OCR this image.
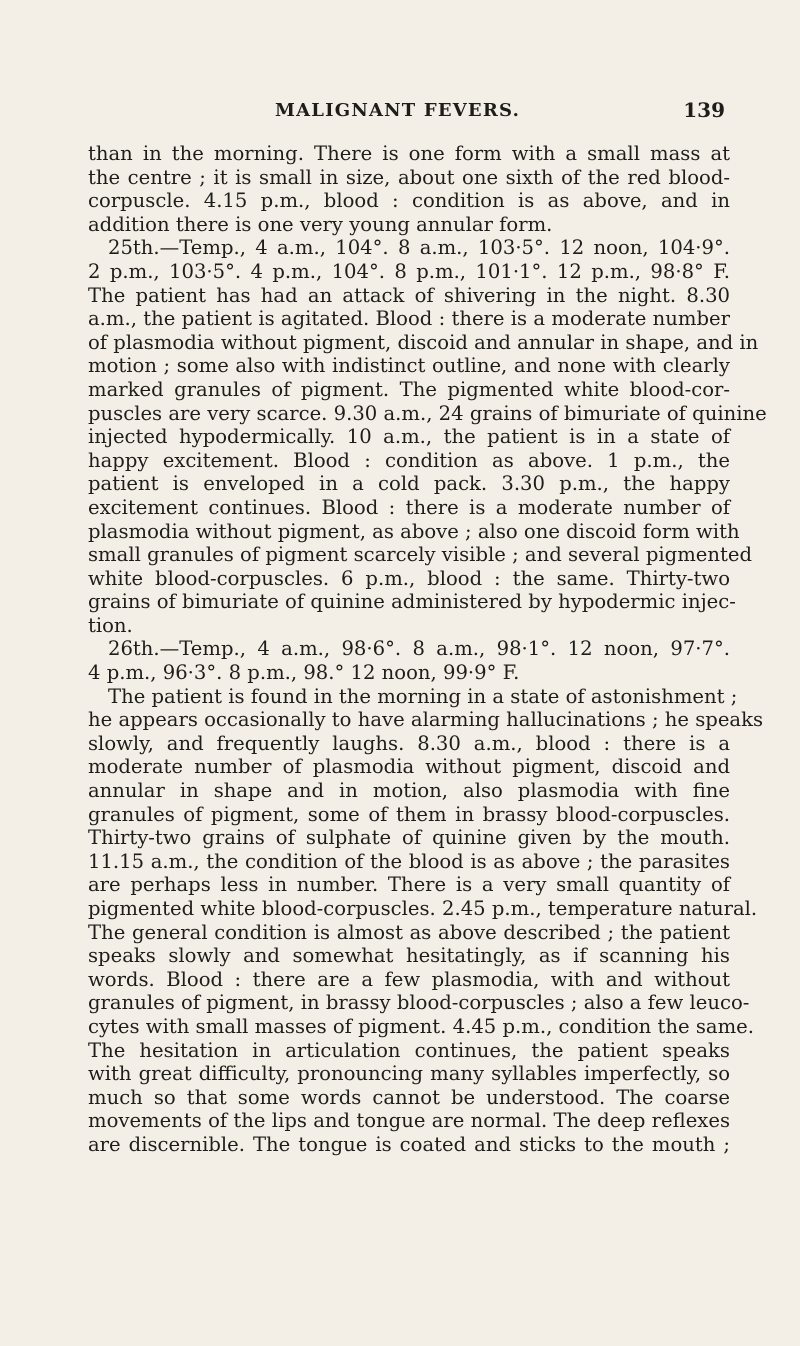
MALIGNANT FEVERS.	139
than in the morning. There is one form with a small mass at
the centre ; it is small in size, about one sixth of the red blood-
corpuscle. 4.15 p.m., blood : condition is as above, and in
addition there is one very young annular form.
25th.—Temp., 4 a.m., 104°. 8 a.m., 103·5°. 12 noon, 104·9°.
2 p.m., 103·5°. 4 p.m., 104°. 8 p.m., 101·1°. 12 p.m., 98·8° F.
The patient has had an attack of shivering in the night. 8.30
a.m., the patient is agitated. Blood : there is a moderate number
of plasmodia without pigment, discoid and annular in shape, and in
motion ; some also with indistinct outline, and none with clearly
marked granules of pigment. The pigmented white blood-cor-
puscles are very scarce. 9.30 a.m., 24 grains of bimuriate of quinine
injected hypodermically. 10 a.m., the patient is in a state of
happy excitement. Blood : condition as above. 1 p.m., the
patient is enveloped in a cold pack. 3.30 p.m., the happy
excitement continues. Blood : there is a moderate number of
plasmodia without pigment, as above ; also one discoid form with
small granules of pigment scarcely visible ; and several pigmented
white blood-corpuscles. 6 p.m., blood : the same. Thirty-two
grains of bimuriate of quinine administered by hypodermic injec-
tion.
26th.—Temp., 4 a.m., 98·6°. 8 a.m., 98·1°. 12 noon, 97·7°.
4 p.m., 96·3°. 8 p.m., 98.° 12 noon, 99·9° F.
The patient is found in the morning in a state of astonishment ;
he appears occasionally to have alarming hallucinations ; he speaks
slowly, and frequently laughs. 8.30 a.m., blood : there is a
moderate number of plasmodia without pigment, discoid and
annular in shape and in motion, also plasmodia with fine
granules of pigment, some of them in brassy blood-corpuscles.
Thirty-two grains of sulphate of quinine given by the mouth.
11.15 a.m., the condition of the blood is as above ; the parasites
are perhaps less in number. There is a very small quantity of
pigmented white blood-corpuscles. 2.45 p.m., temperature natural.
The general condition is almost as above described ; the patient
speaks slowly and somewhat hesitatingly, as if scanning his
words. Blood : there are a few plasmodia, with and without
granules of pigment, in brassy blood-corpuscles ; also a few leuco-
cytes with small masses of pigment. 4.45 p.m., condition the same.
The hesitation in articulation continues, the patient speaks
with great difficulty, pronouncing many syllables imperfectly, so
much so that some words cannot be understood. The coarse
movements of the lips and tongue are normal. The deep reflexes
are discernible. The tongue is coated and sticks to the mouth ;
